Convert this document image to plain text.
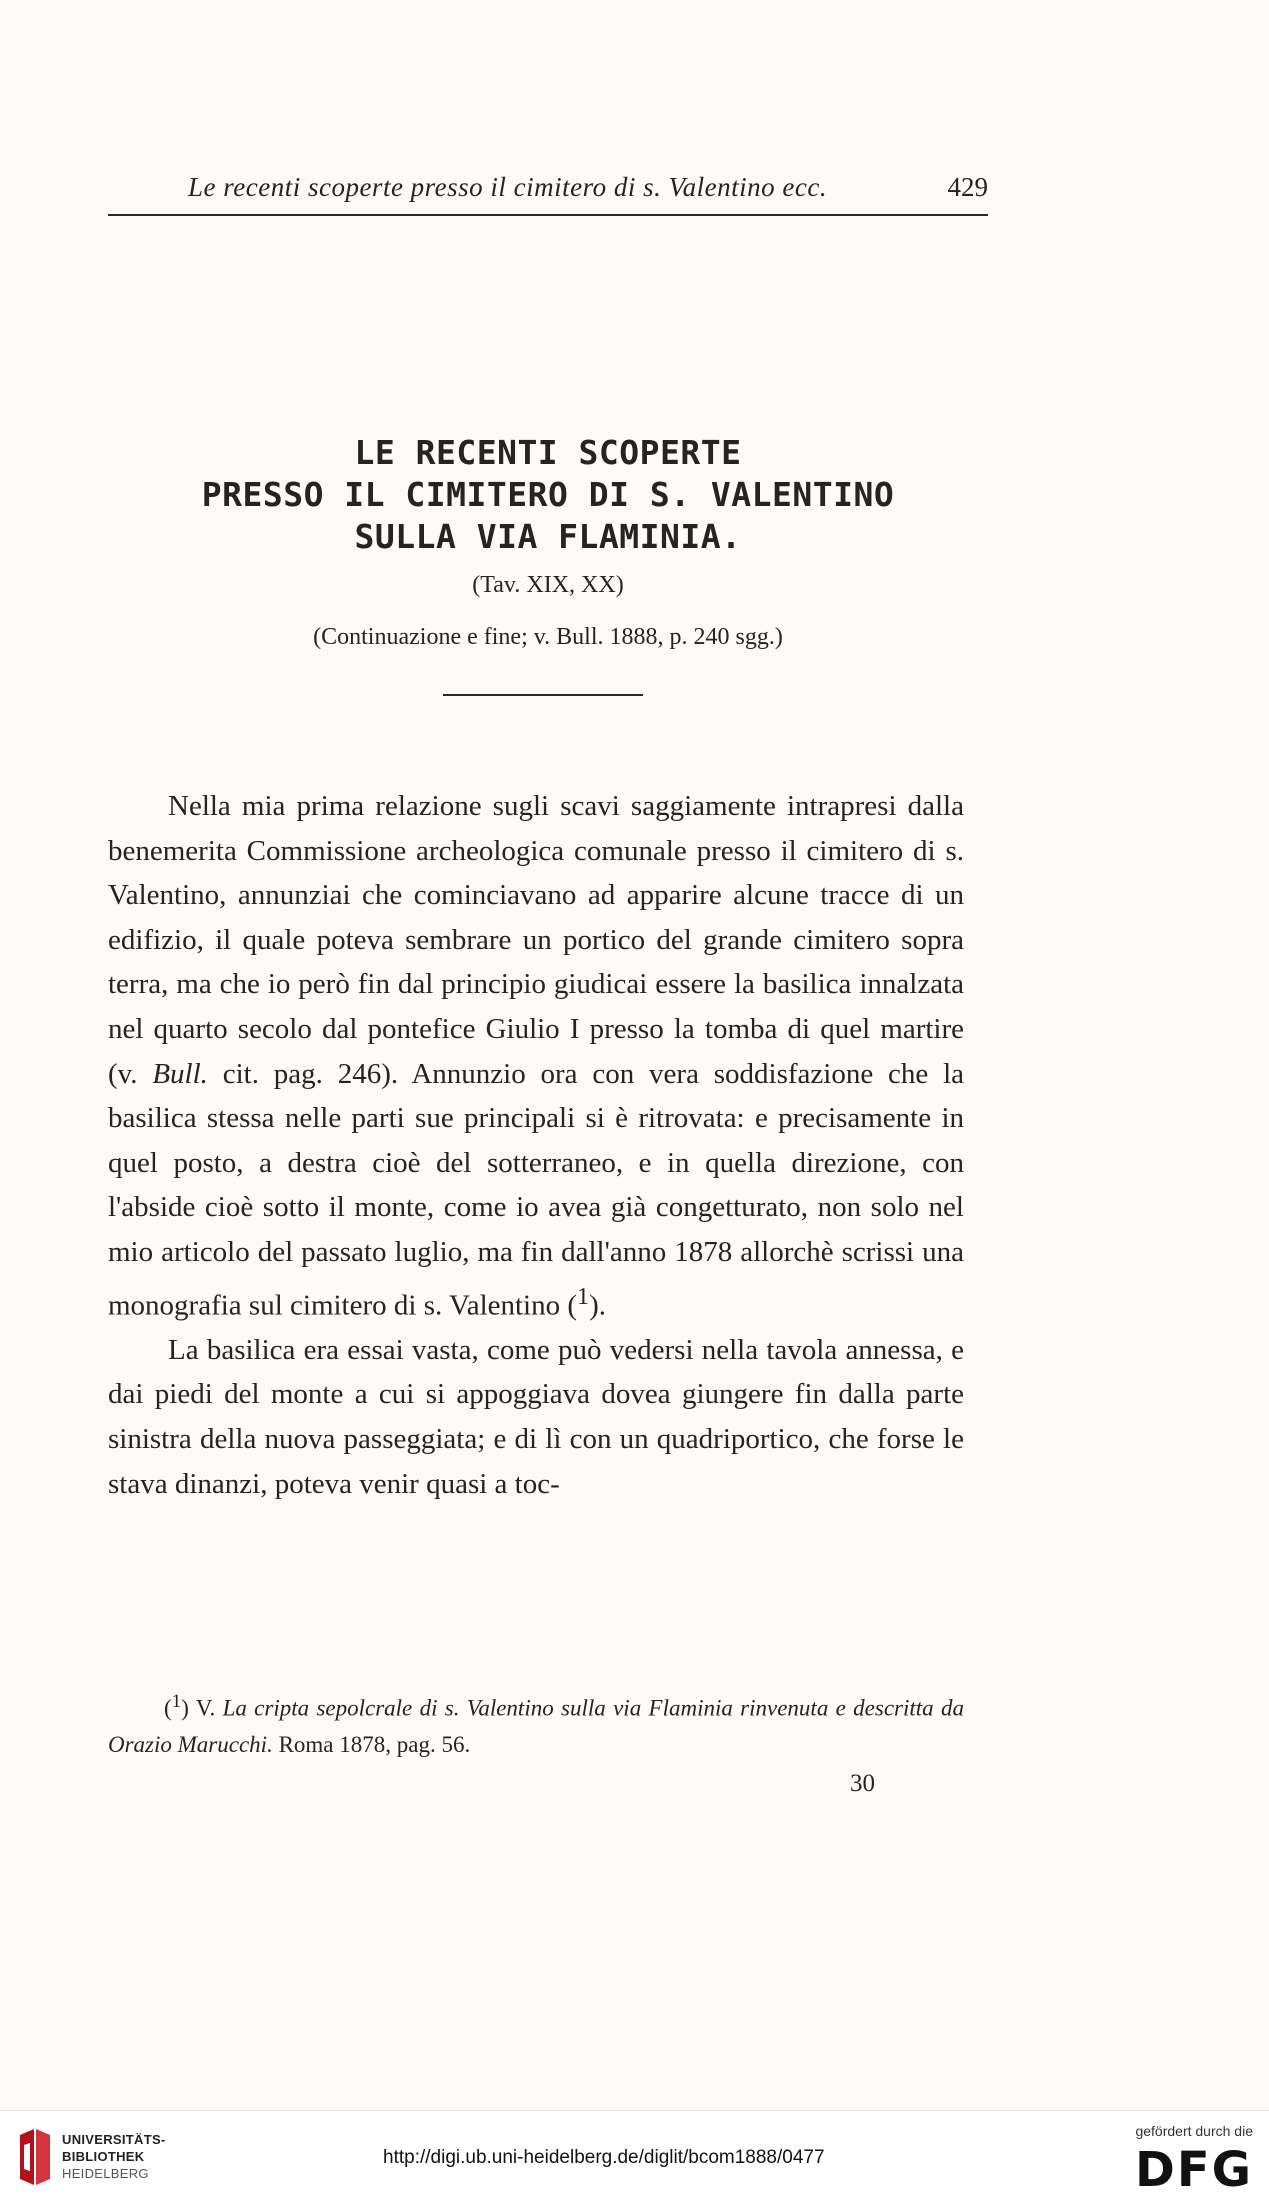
Le recenti scoperte presso il cimitero di s. Valentino ecc.	429
LE RECENTI SCOPERTE
PRESSO IL CIMITERO DI S. VALENTINO
SULLA VIA FLAMINIA.
(Tav. XIX, XX)
(Continuazione e fine; v. Bull. 1888, p. 240 sgg.)

Nella mia prima relazione sugli scavi saggiamente intrapresi dalla benemerita Commissione archeologica comunale presso il cimitero di s. Valentino, annunziai che cominciavano ad apparire alcune tracce di un edifizio, il quale poteva sembrare un portico del grande cimitero sopra terra, ma che io però fin dal principio giudicai essere la basilica innalzata nel quarto secolo dal pontefice Giulio I presso la tomba di quel martire (v. Bull. cit. pag. 246). Annunzio ora con vera soddisfazione che la basilica stessa nelle parti sue principali si è ritrovata: e precisamente in quel posto, a destra cioè del sotterraneo, e in quella direzione, con l'abside cioè sotto il monte, come io avea già congetturato, non solo nel mio articolo del passato luglio, ma fin dall'anno 1878 allorchè scrissi una monografia sul cimitero di s. Valentino ($^1$).

La basilica era essai vasta, come può vedersi nella tavola annessa, e dai piedi del monte a cui si appoggiava dovea giungere fin dalla parte sinistra della nuova passeggiata; e di lì con un quadriportico, che forse le stava dinanzi, poteva venir quasi a toc-

($^1$) V. La cripta sepolcrale di s. Valentino sulla via Flaminia rinvenuta e descritta da Orazio Marucchi. Roma 1878, pag. 56.
30
UNIVERSITÄTS-
BIBLIOTHEK
HEIDELBERG
http://digi.ub.uni-heidelberg.de/diglit/bcom1888/0477
gefördert durch die
DFG
